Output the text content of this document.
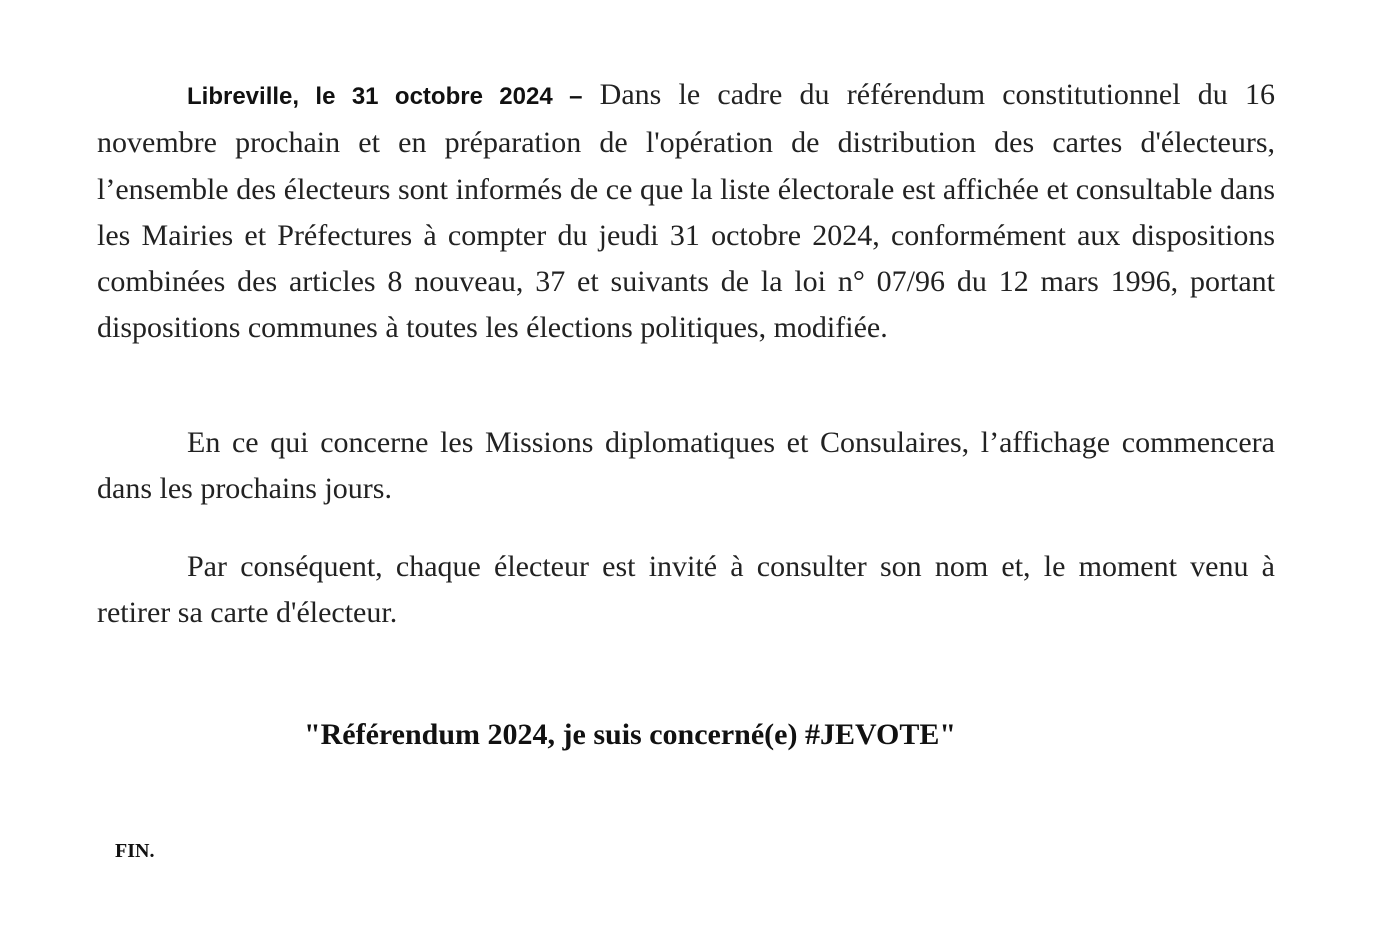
Libreville, le 31 octobre 2024 – Dans le cadre du référendum constitutionnel du 16 novembre prochain et en préparation de l'opération de distribution des cartes d'électeurs, l’ensemble des électeurs sont informés de ce que la liste électorale est affichée et consultable dans les Mairies et Préfectures à compter du jeudi 31 octobre 2024, conformément aux dispositions combinées des articles 8 nouveau, 37 et suivants de la loi n° 07/96 du 12 mars 1996, portant dispositions communes à toutes les élections politiques, modifiée.

En ce qui concerne les Missions diplomatiques et Consulaires, l’affichage commencera dans les prochains jours.

Par conséquent, chaque électeur est invité à consulter son nom et, le moment venu à retirer sa carte d'électeur.

"Référendum 2024, je suis concerné(e) #JEVOTE"

FIN.
